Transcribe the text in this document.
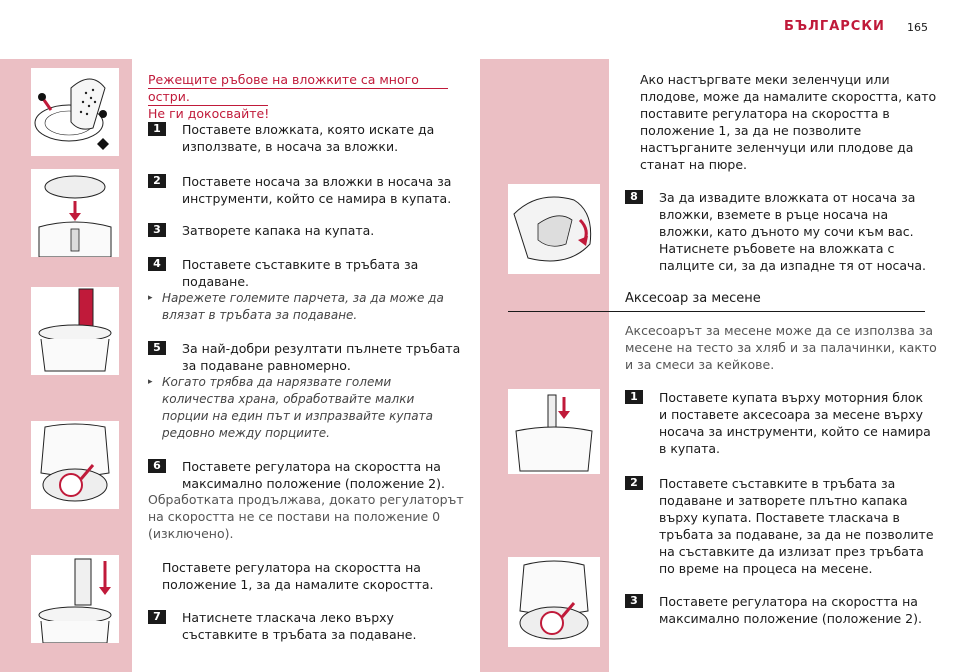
БЪЛГАРСКИ 165
Режещите ръбове на вложките са много остри.
Не ги докосвайте!
1	Поставете вложката, която искате да
използвате, в носача за вложки.
2	Поставете носача за вложки в носача за
инструменти, който се намира в купата.
3	Затворете капака на купата.
4	Поставете съставките в тръбата за
подаване.
▸ Нарежете големите парчета, за да може да
влязат в тръбата за подаване.
5	За най-добри резултати пълнете тръбата
за подаване равномерно.
▸ Когато трябва да нарязвате големи
количества храна, обработвайте малки
порции на един път и изпразвайте купата
редовно между порциите.
6	Поставете регулатора на скоростта на
максимално положение (положение 2).
Обработката продължава, докато регулаторът
на скоростта не се постави на положение 0
(изключено).
Поставете регулатора на скоростта на
положение 1, за да намалите скоростта.
7	Натиснете тласкача леко върху
съставките в тръбата за подаване.
Ако настъргвате меки зеленчуци или
плодове, може да намалите скоростта, като
поставите регулатора на скоростта в
положение 1, за да не позволите
настърганите зеленчуци или плодове да
станат на пюре.
8	За да извадите вложката от носача за
вложки, вземете в ръце носача на
вложки, като дъното му сочи към вас.
Натиснете ръбовете на вложката с
палците си, за да изпадне тя от носача.
Аксесоар за месене
Аксесоарът за месене може да се използва за
месене на тесто за хляб и за палачинки, както
и за смеси за кейкове.
1	Поставете купата върху моторния блок
и поставете аксесоара за месене върху
носача за инструменти, който се намира
в купата.
2	Поставете съставките в тръбата за
подаване и затворете плътно капака
върху купата. Поставете тласкача в
тръбата за подаване, за да не позволите
на съставките да излизат през тръбата
по време на процеса на месене.
3	Поставете регулатора на скоростта на
максимално положение (положение 2).
